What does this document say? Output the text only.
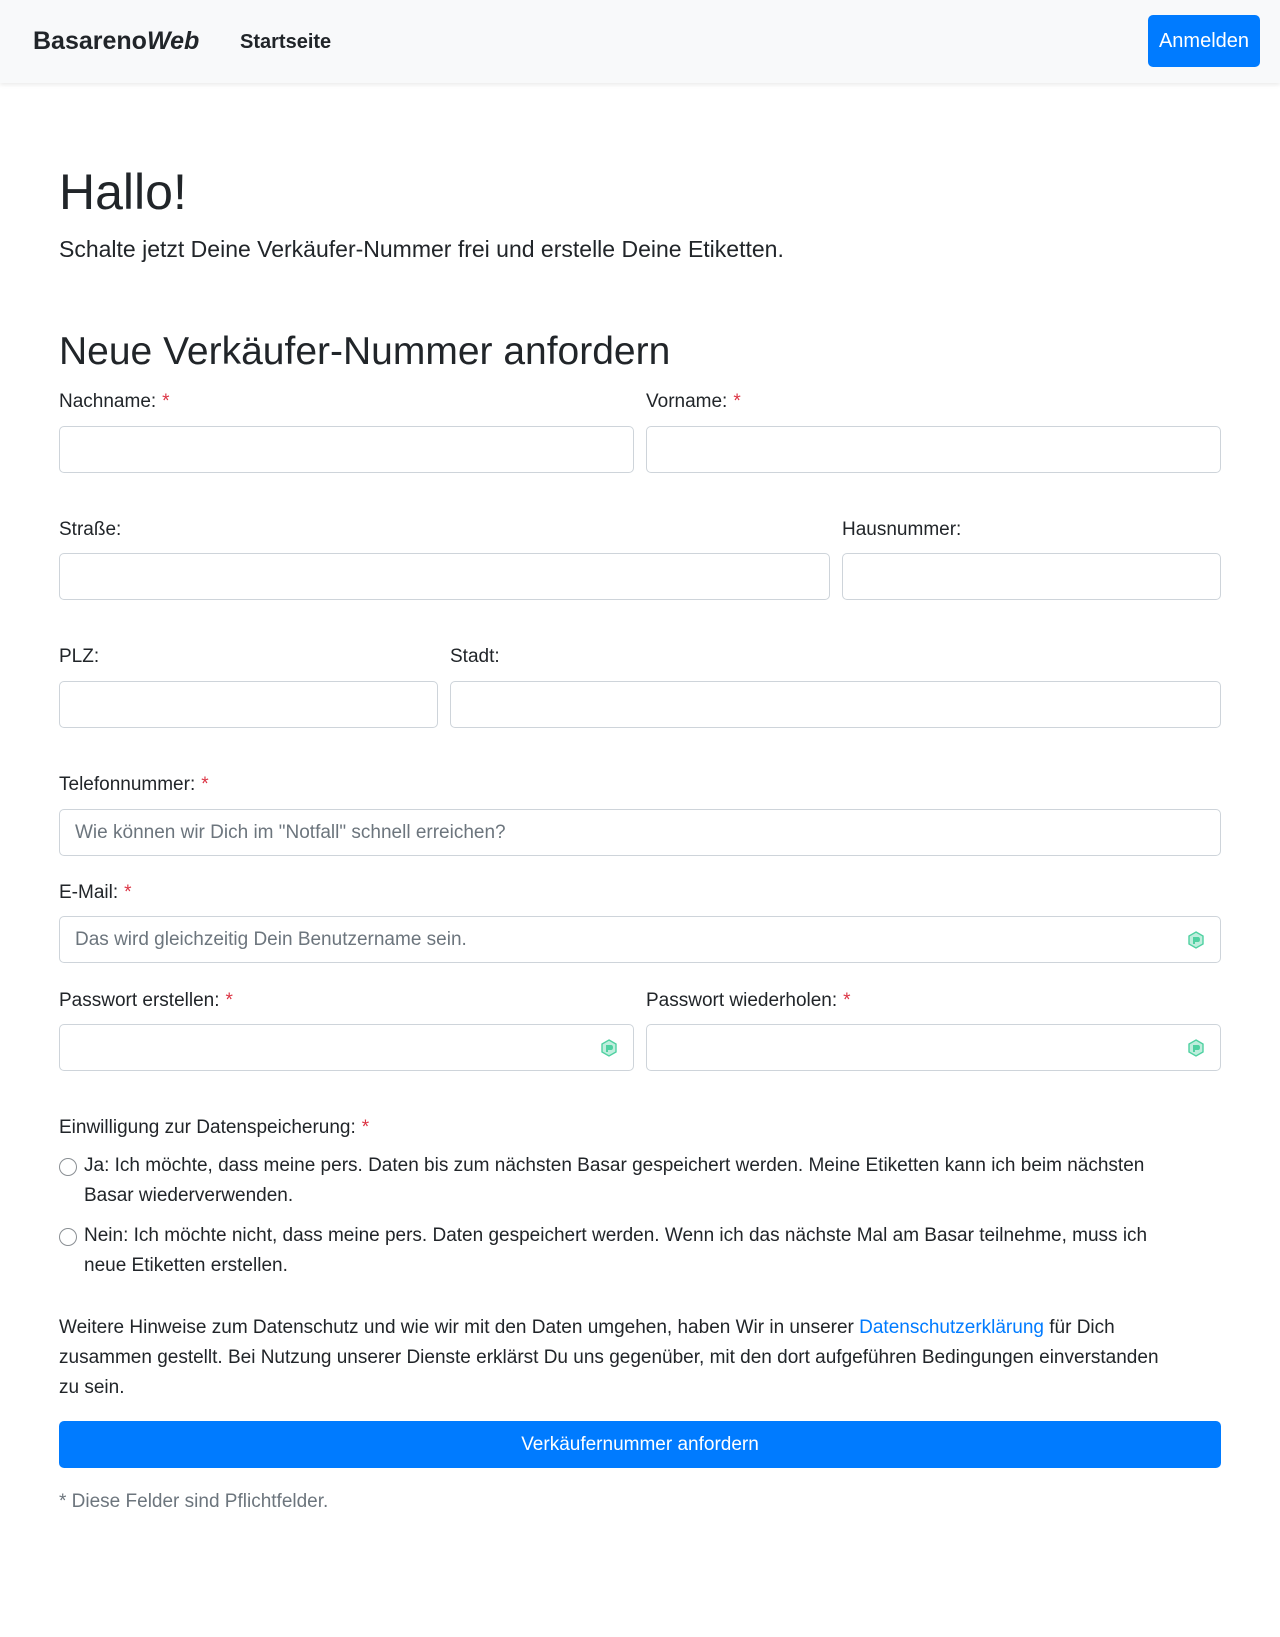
BasarenoWeb Startseite	Anmelden
Hallo!
Schalte jetzt Deine Verkäufer-Nummer frei und erstelle Deine Etiketten.
Neue Verkäufer-Nummer anfordern
Nachname: *	Vorname: *
Straße:	Hausnummer:
PLZ:	Stadt:
Telefonnummer: *
Wie können wir Dich im "Notfall" schnell erreichen?
E-Mail: *
Das wird gleichzeitig Dein Benutzername sein.
Passwort erstellen: *	Passwort wiederholen: *
Einwilligung zur Datenspeicherung: *
Ja: Ich möchte, dass meine pers. Daten bis zum nächsten Basar gespeichert werden. Meine Etiketten kann ich beim nächsten
Basar wiederverwenden.
Nein: Ich möchte nicht, dass meine pers. Daten gespeichert werden. Wenn ich das nächste Mal am Basar teilnehme, muss ich
neue Etiketten erstellen.
Weitere Hinweise zum Datenschutz und wie wir mit den Daten umgehen, haben Wir in unserer Datenschutzerklärung für Dich
zusammen gestellt. Bei Nutzung unserer Dienste erklärst Du uns gegenüber, mit den dort aufgeführen Bedingungen einverstanden
zu sein.
Verkäufernummer anfordern
* Diese Felder sind Pflichtfelder.
